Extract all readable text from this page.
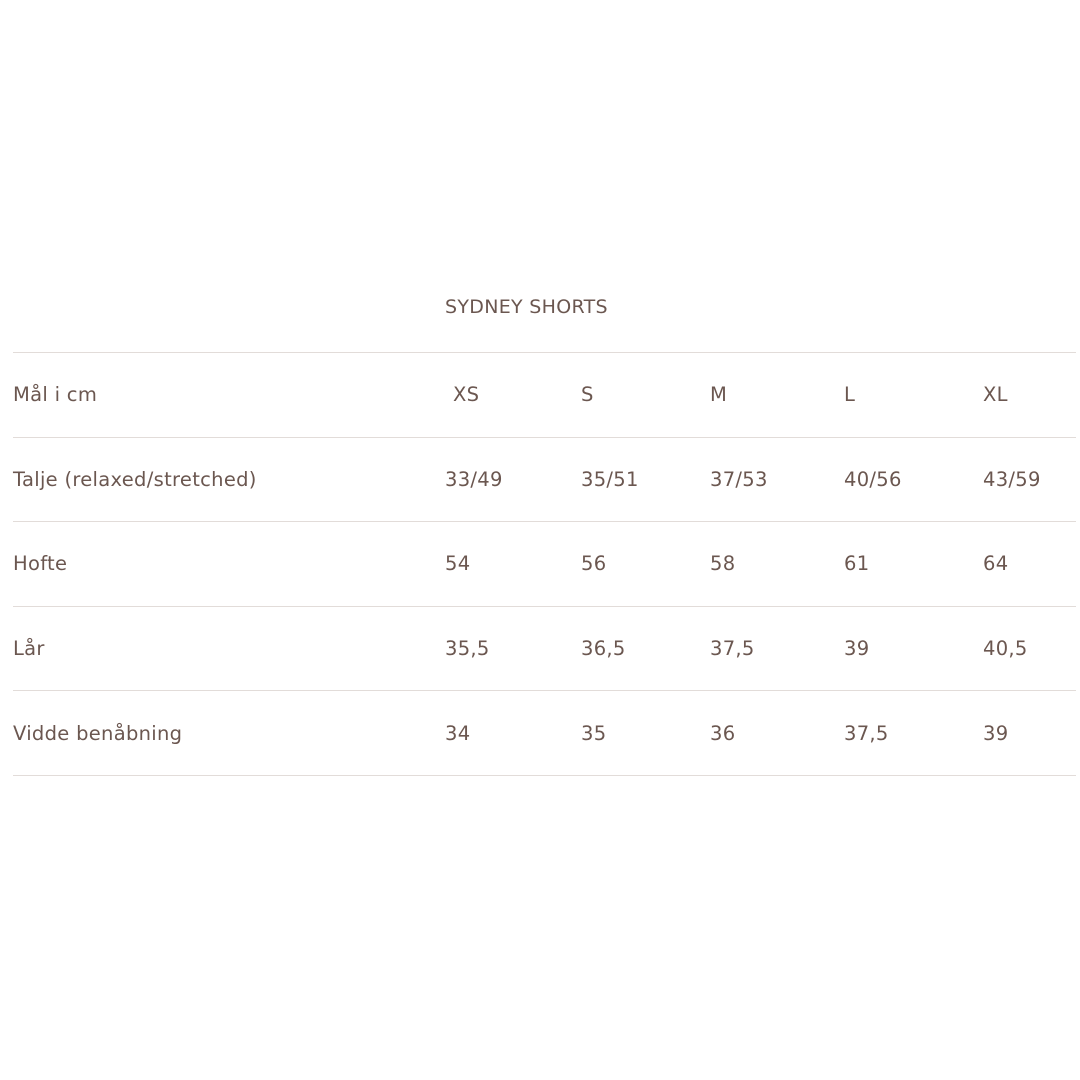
SYDNEY SHORTS
Mål i cm	XS	S	M	L	XL
Talje (relaxed/stretched)	33/49	35/51	37/53	40/56	43/59
Hofte	54	56	58	61	64
Lår	35,5	36,5	37,5	39	40,5
Vidde benåbning	34	35	36	37,5	39
